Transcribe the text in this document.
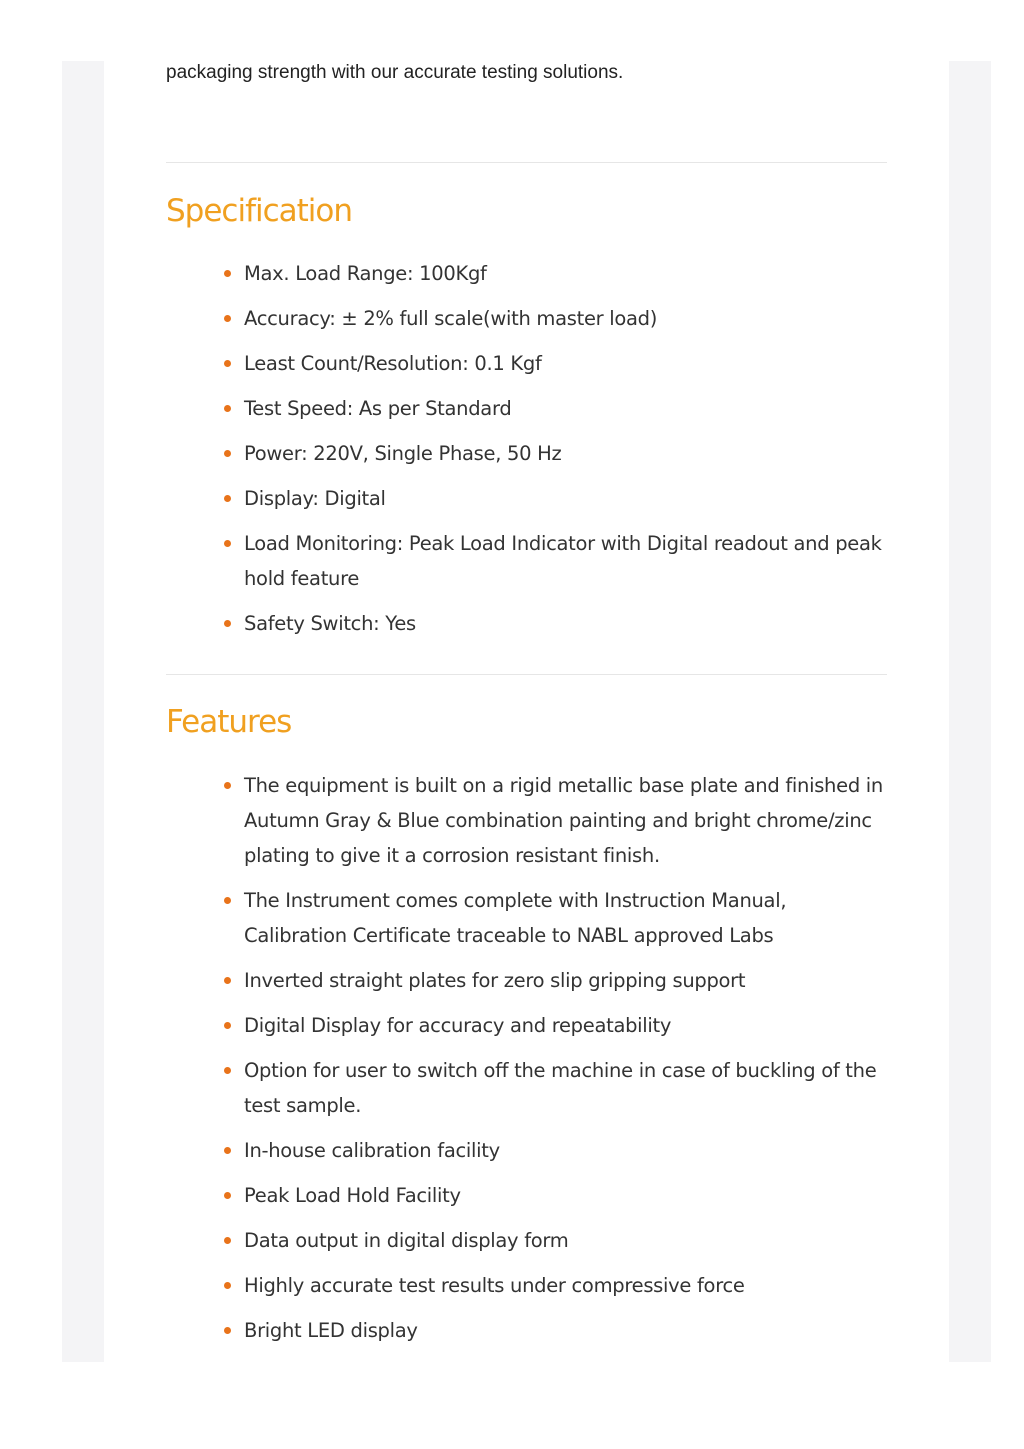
packaging strength with our accurate testing solutions.

Specification
Max. Load Range: 100Kgf
Accuracy: ± 2% full scale(with master load)
Least Count/Resolution: 0.1 Kgf
Test Speed: As per Standard
Power: 220V, Single Phase, 50 Hz
Display: Digital
Load Monitoring: Peak Load Indicator with Digital readout and peak hold feature
Safety Switch: Yes
Features
The equipment is built on a rigid metallic base plate and finished in Autumn Gray & Blue combination painting and bright chrome/zinc plating to give it a corrosion resistant finish.
The Instrument comes complete with Instruction Manual, Calibration Certificate traceable to NABL approved Labs
Inverted straight plates for zero slip gripping support
Digital Display for accuracy and repeatability
Option for user to switch off the machine in case of buckling of the test sample.
In-house calibration facility
Peak Load Hold Facility
Data output in digital display form
Highly accurate test results under compressive force
Bright LED display
